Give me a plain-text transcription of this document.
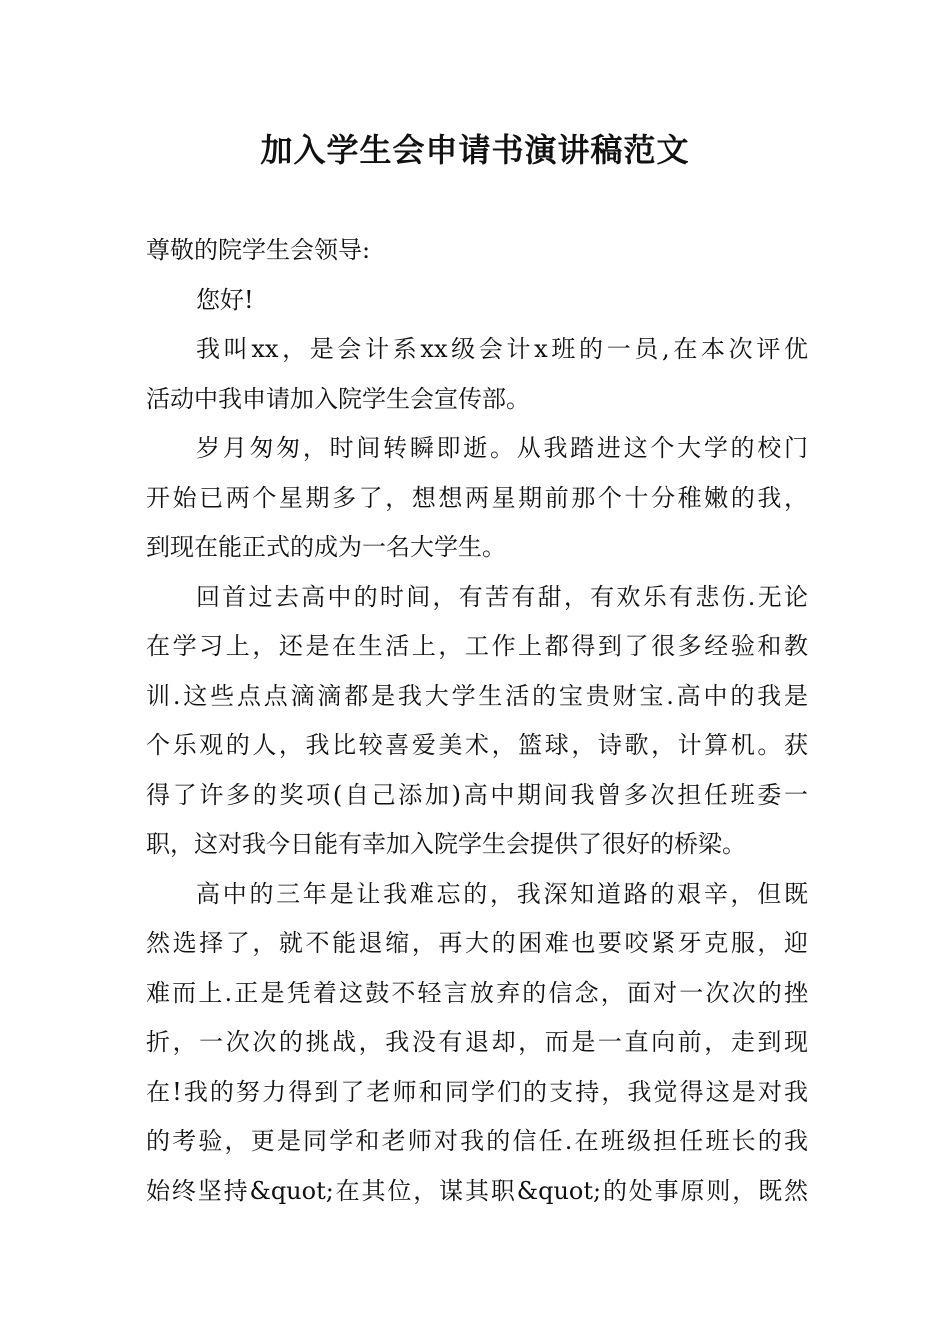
加入学生会申请书演讲稿范文

尊敬的院学生会领导:

您好!

我叫xx，是会计系xx级会计x班的一员,在本次评优
活动中我申请加入院学生会宣传部。

岁月匆匆，时间转瞬即逝。从我踏进这个大学的校门
开始已两个星期多了，想想两星期前那个十分稚嫩的我，
到现在能正式的成为一名大学生。

回首过去高中的时间，有苦有甜，有欢乐有悲伤.无论
在学习上，还是在生活上，工作上都得到了很多经验和教
训.这些点点滴滴都是我大学生活的宝贵财宝.高中的我是
个乐观的人，我比较喜爱美术，篮球，诗歌，计算机。获
得了许多的奖项(自己添加)高中期间我曾多次担任班委一
职，这对我今日能有幸加入院学生会提供了很好的桥梁。

高中的三年是让我难忘的，我深知道路的艰辛，但既
然选择了，就不能退缩，再大的困难也要咬紧牙克服，迎
难而上.正是凭着这鼓不轻言放弃的信念，面对一次次的挫
折，一次次的挑战，我没有退却，而是一直向前，走到现
在!我的努力得到了老师和同学们的支持，我觉得这是对我
的考验，更是同学和老师对我的信任.在班级担任班长的我
始终坚持&quot;在其位，谋其职&quot;的处事原则，既然
